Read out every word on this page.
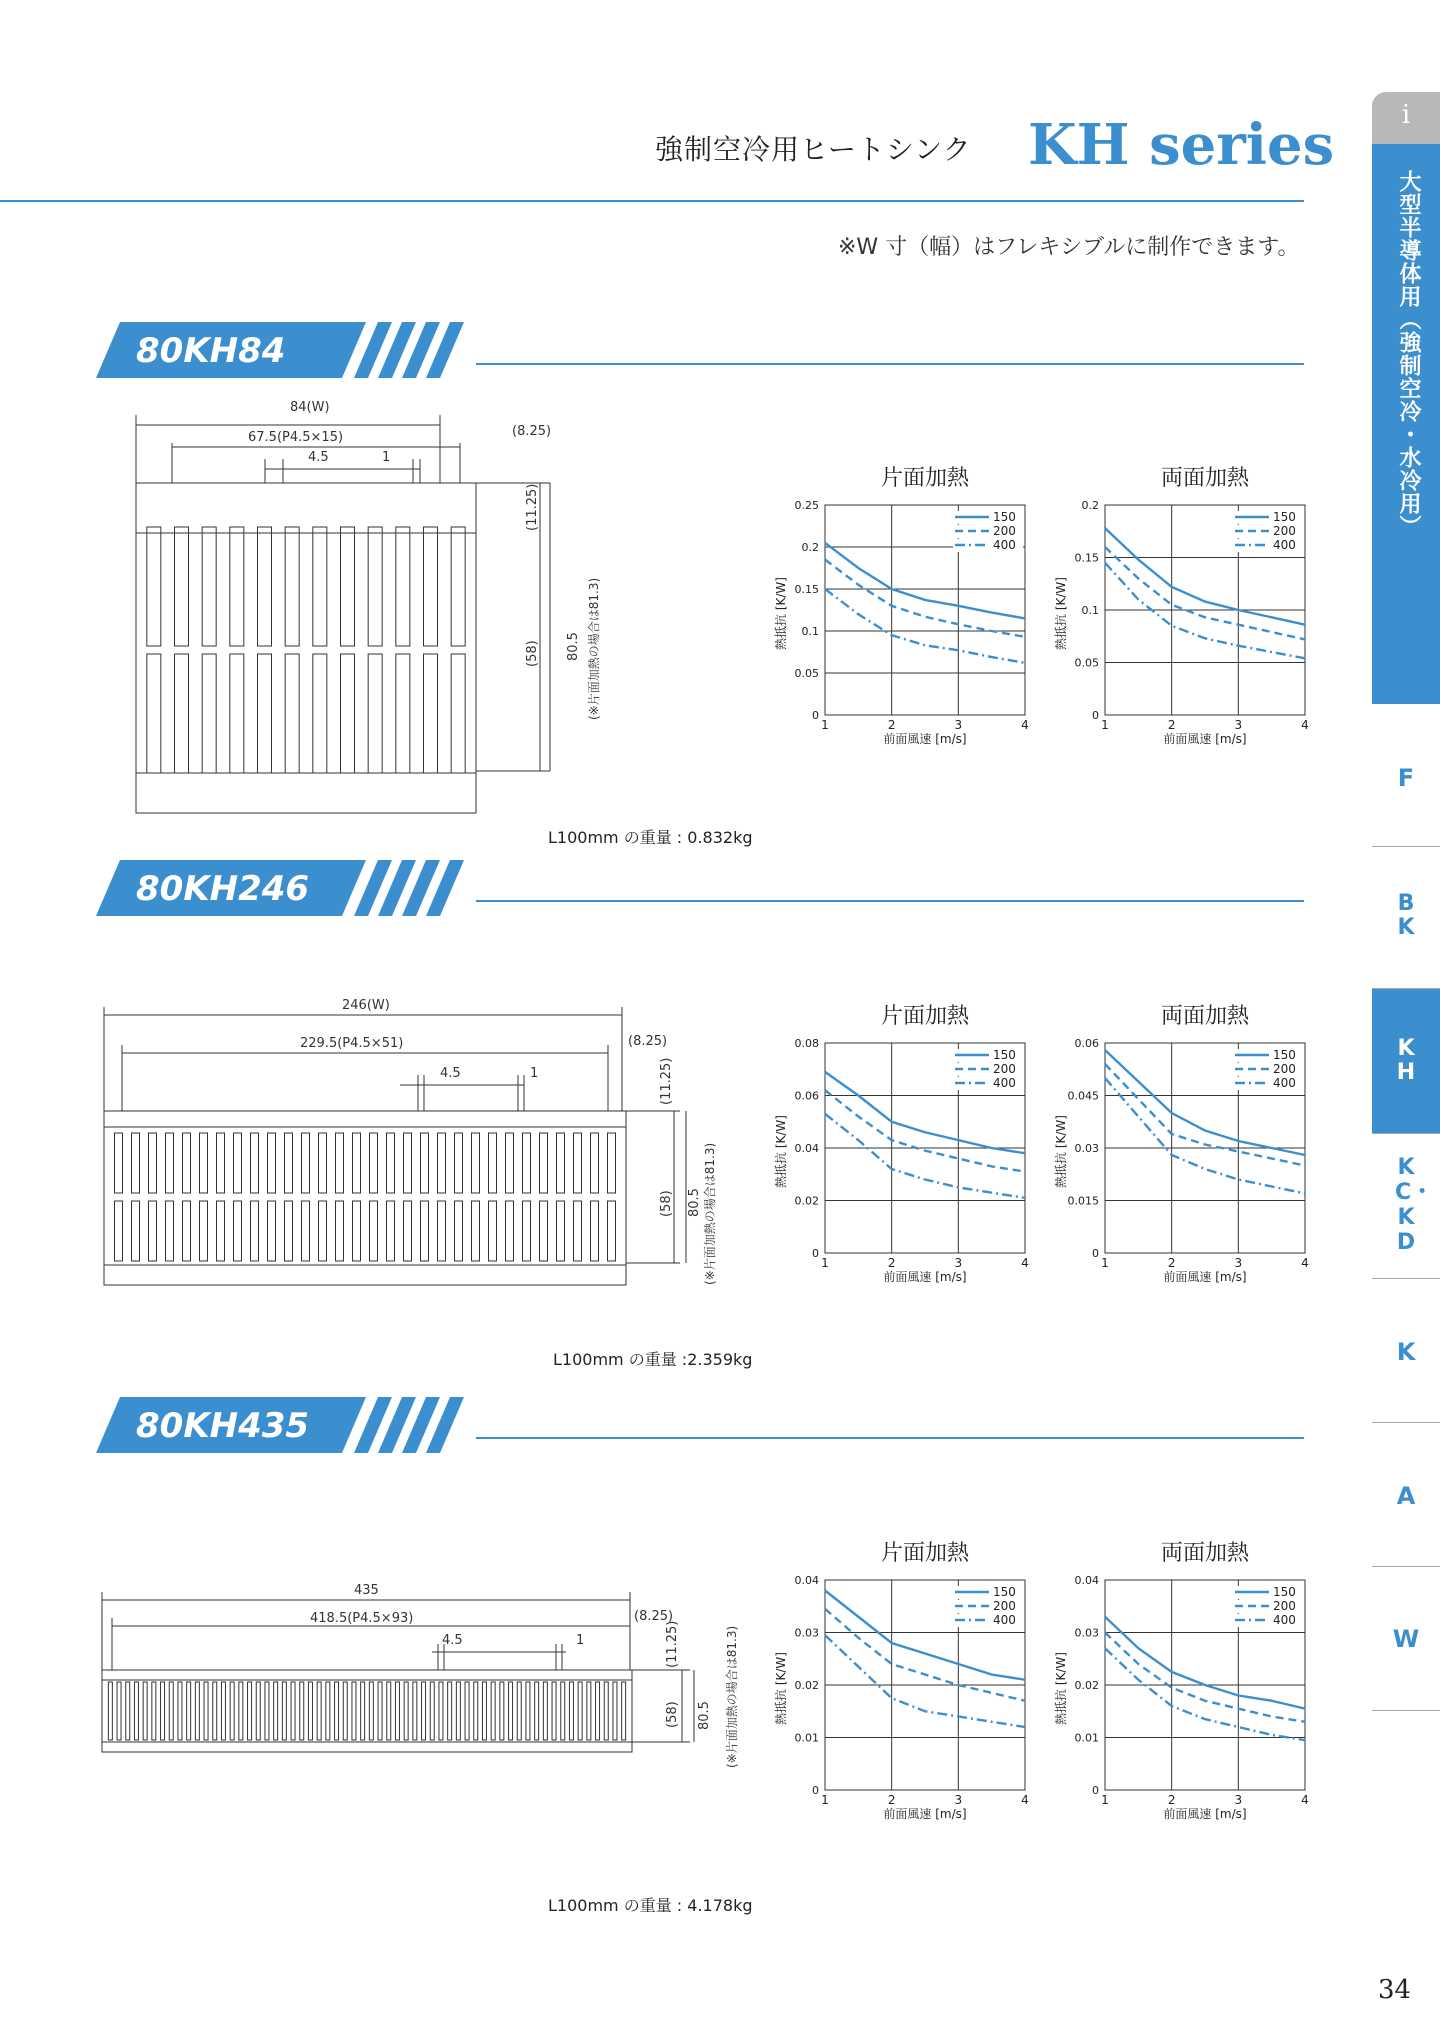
強制空冷用ヒートシンク KH series
※W 寸（幅）はフレキシブルに制作できます。
i
大型半導体用（強制空冷・水冷用）
F
BK
KH
KC・KD
K
A
W
80KH84
80KH246
80KH435
84(W)
67.5(P4.5×15)	(8.25)
4.5	1
(11.25)
(58) 80.5 (※片面加熱の場合は81.3)
L100mm の重量 : 0.832kg
246(W)
229.5(P4.5×51)	(8.25)
4.5	1	(11.25)
(58) 80.5 (※片面加熱の場合は81.3)
L100mm の重量 :2.359kg
435
418.5(P4.5×93)	(8.25)
4.5	1	(11.25)
(58) 80.5 (※片面加熱の場合は81.3)
L100mm の重量 : 4.178kg
片面加熱
0
0.05
0.1
0.15
0.2
0.25
1	2	3	4
前面風速 [m/s]
熱抵抗 [K/W]
150
200
400
両面加熱
0
0.05
0.1
0.15
0.2
1	2	3	4
前面風速 [m/s]
熱抵抗 [K/W]
150
200
400
片面加熱
0
0.02
0.04
0.06
0.08
1	2	3	4
前面風速 [m/s]
熱抵抗 [K/W]
150
200
400
両面加熱
0
0.015
0.03
0.045
0.06
1	2	3	4
前面風速 [m/s]
熱抵抗 [K/W]
150
200
400
片面加熱
0
0.01
0.02
0.03
0.04
1	2	3	4
前面風速 [m/s]
熱抵抗 [K/W]
150
200
400
両面加熱
0
0.01
0.02
0.03
0.04
1	2	3	4
前面風速 [m/s]
熱抵抗 [K/W]
150
200
400
34
